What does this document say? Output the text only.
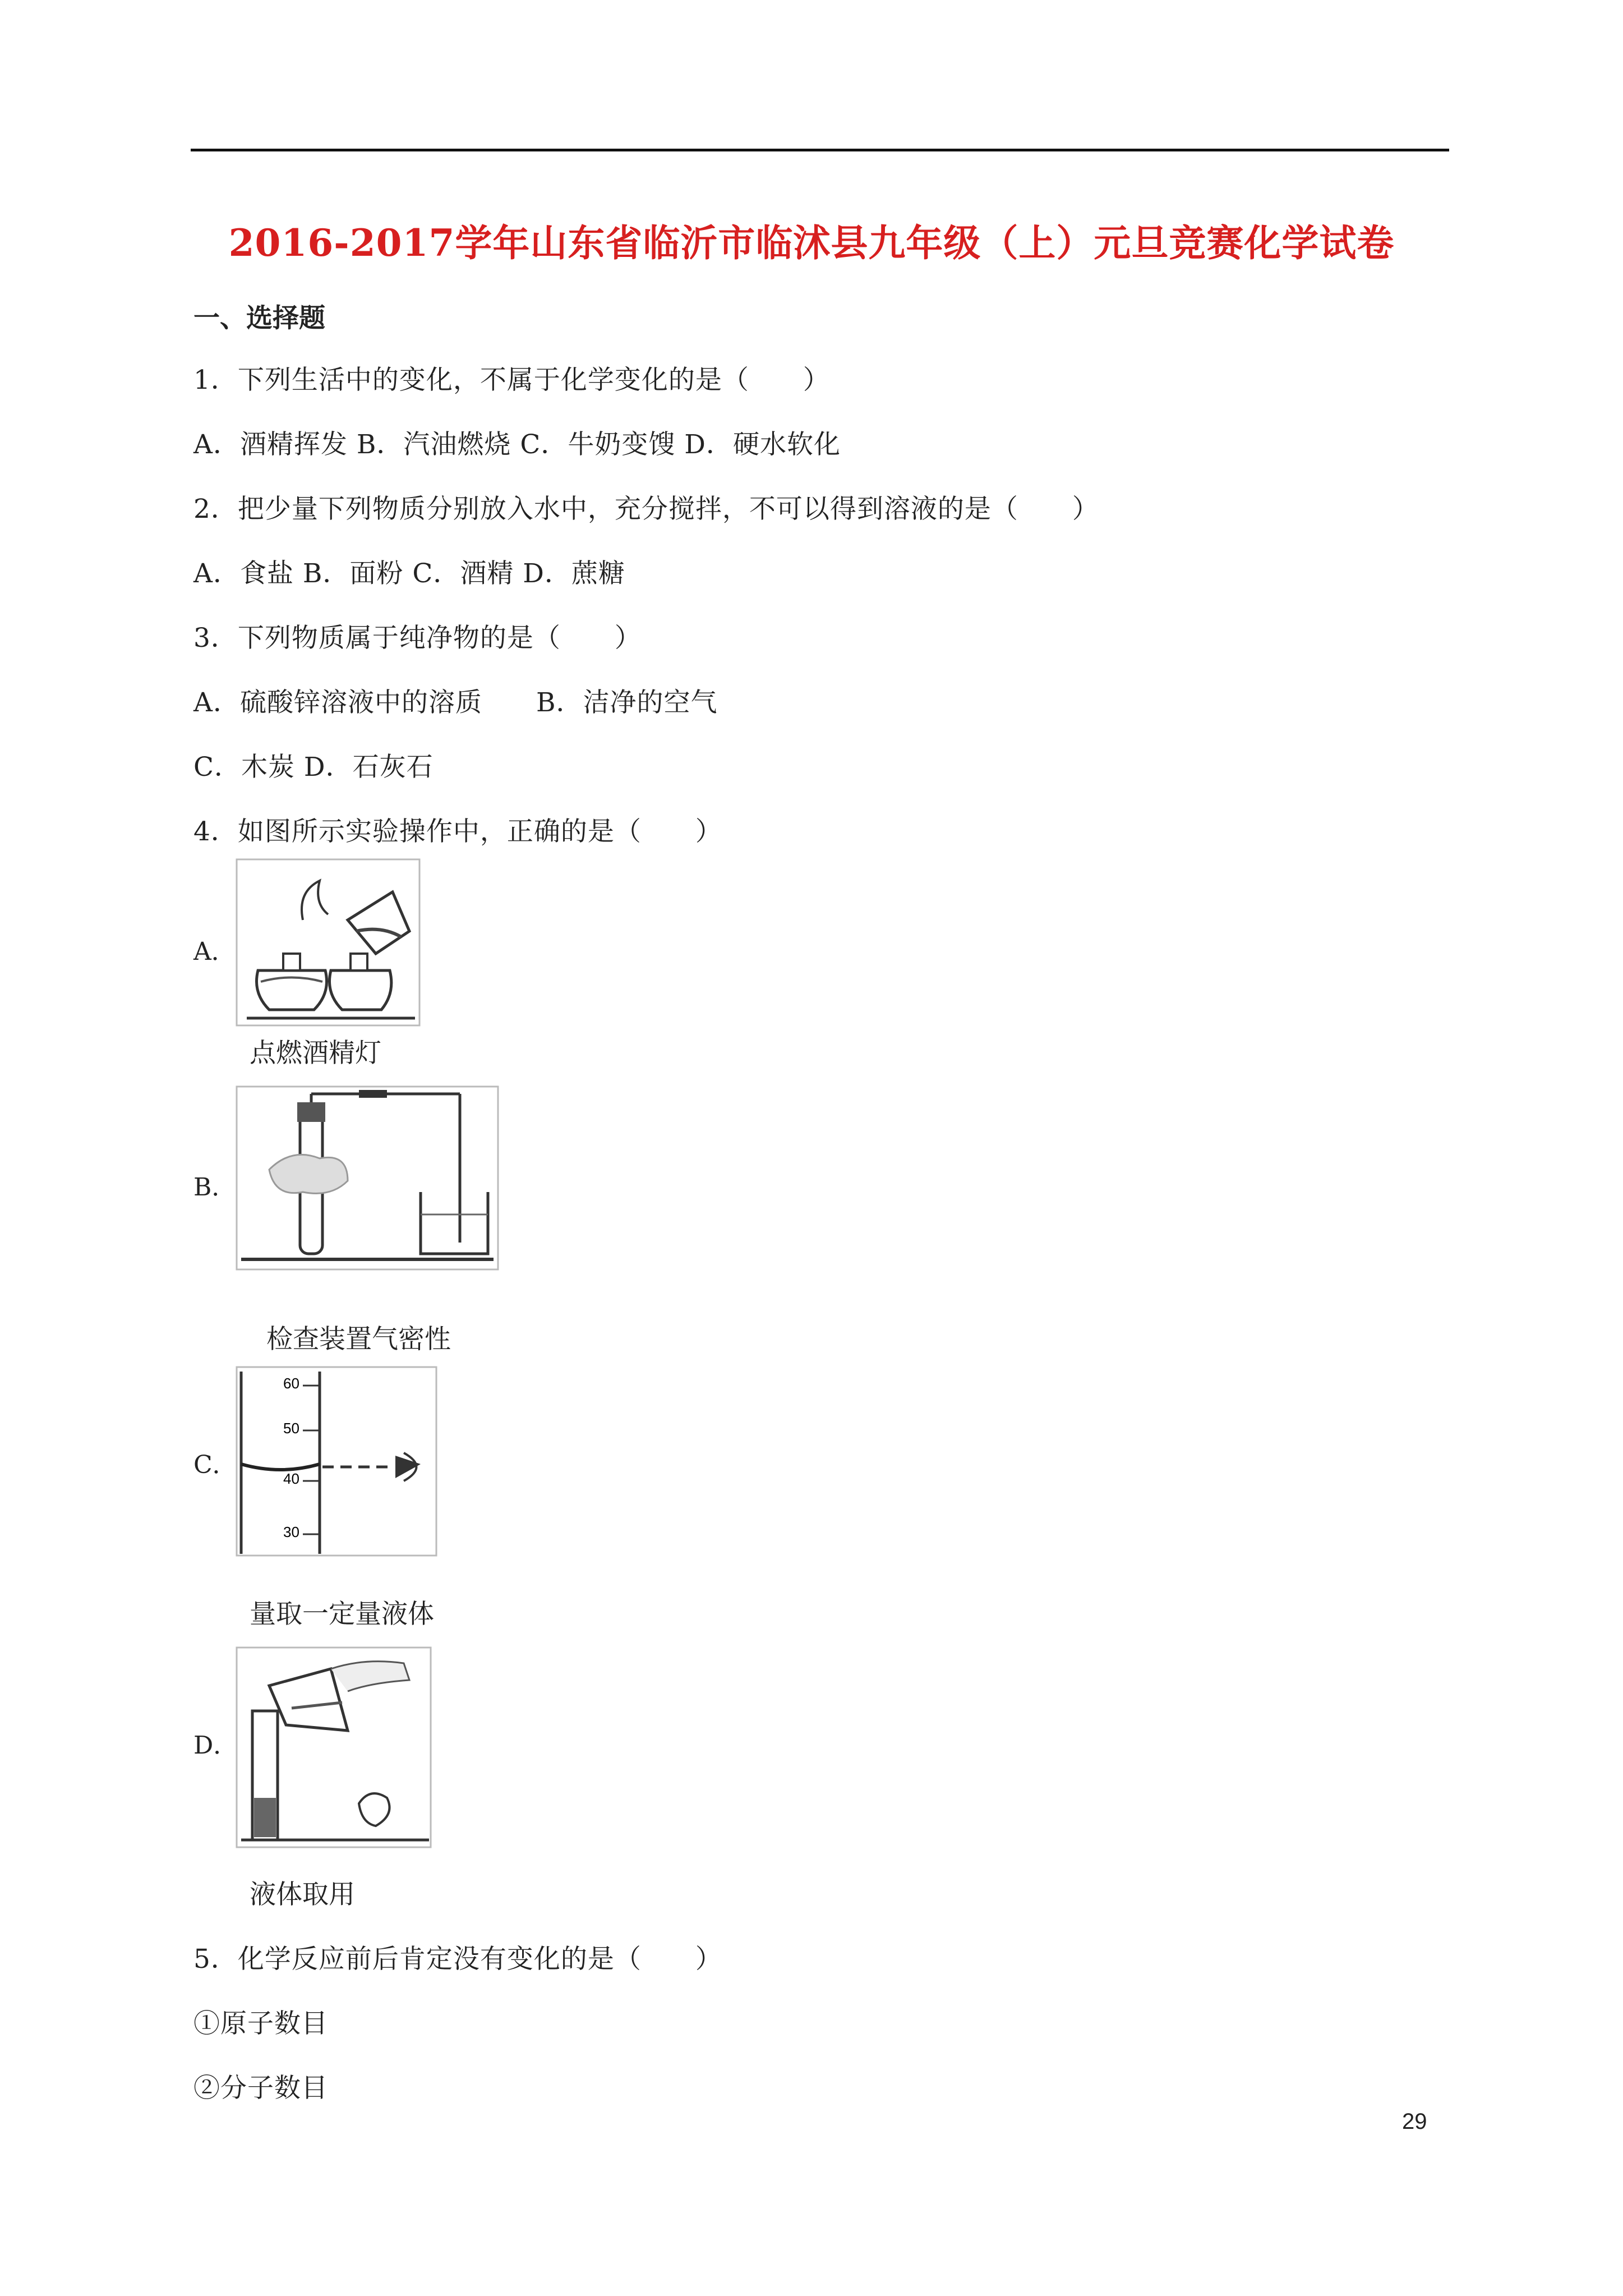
2016-2017学年山东省临沂市临沭县九年级（上）元旦竞赛化学试卷
一、选择题
1．下列生活中的变化，不属于化学变化的是（　　）
A．酒精挥发 B．汽油燃烧 C．牛奶变馊 D．硬水软化
2．把少量下列物质分别放入水中，充分搅拌，不可以得到溶液的是（　　）
A．食盐 B．面粉 C．酒精 D．蔗糖
3．下列物质属于纯净物的是（　　）
A．硫酸锌溶液中的溶质　　B．洁净的空气
C．木炭 D．石灰石
4．如图所示实验操作中，正确的是（　　）
A．
点燃酒精灯
B．
检查装置气密性
C．
60
50
40
30
量取一定量液体
D．
液体取用
5．化学反应前后肯定没有变化的是（　　）
①原子数目
②分子数目
29
